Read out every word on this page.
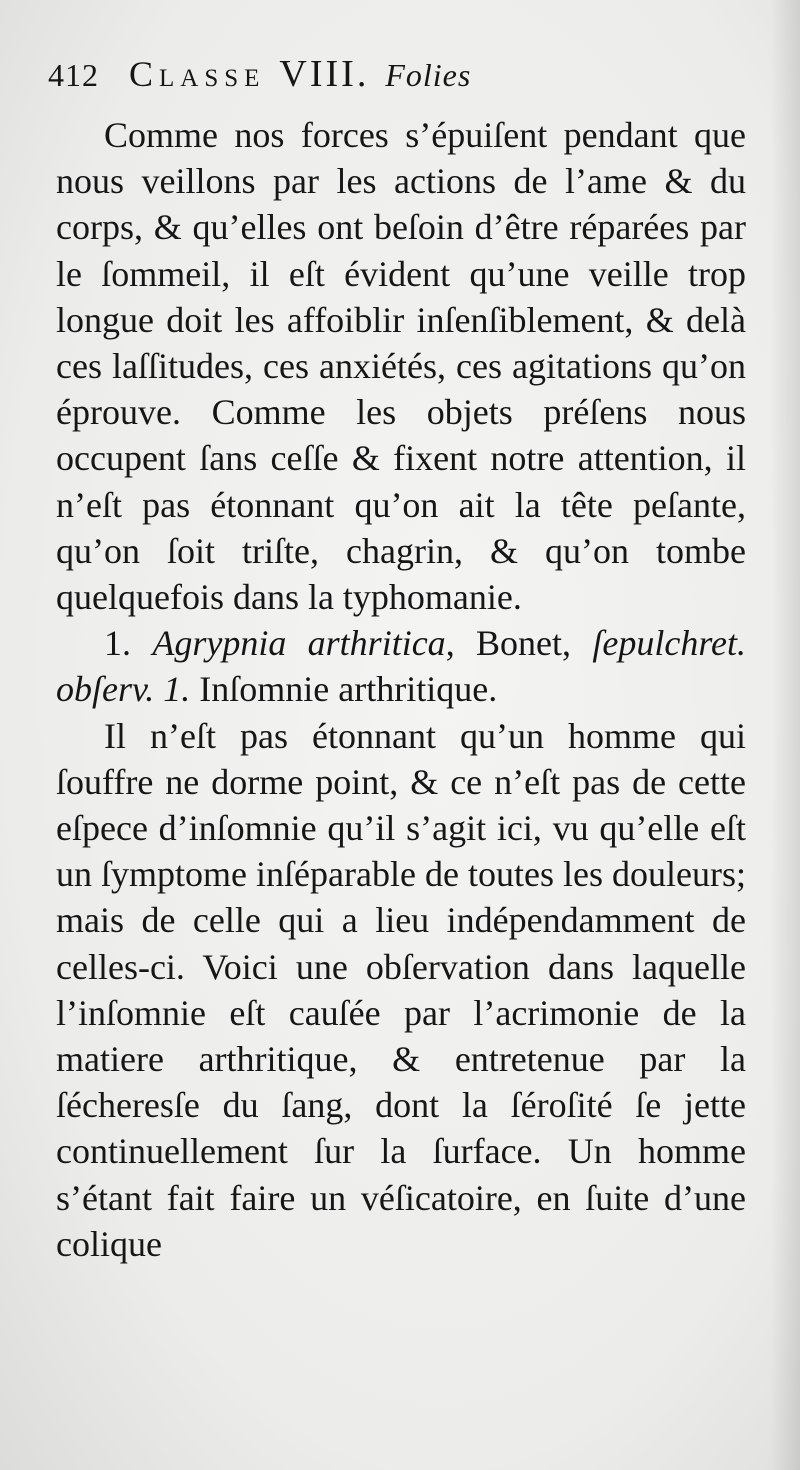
412 Classe VIII. Folies

Comme nos forces s’épuiſent pendant que nous veillons par les actions de l’ame & du corps, & qu’elles ont beſoin d’être réparées par le ſommeil, il eſt évident qu’une veille trop longue doit les affoiblir inſenſiblement, & delà ces laſſitudes, ces anxiétés, ces agitations qu’on éprouve. Comme les objets préſens nous occupent ſans ceſſe & fixent notre attention, il n’eſt pas étonnant qu’on ait la tête peſante, qu’on ſoit triſte, chagrin, & qu’on tombe quelquefois dans la typhomanie.

1. Agrypnia arthritica, Bonet, ſepulchret. obſerv. 1. Inſomnie arthritique.

Il n’eſt pas étonnant qu’un homme qui ſouffre ne dorme point, & ce n’eſt pas de cette eſpece d’inſomnie qu’il s’agit ici, vu qu’elle eſt un ſymptome inſéparable de toutes les douleurs; mais de celle qui a lieu indépendamment de celles-ci. Voici une obſervation dans laquelle l’inſomnie eſt cauſée par l’acrimonie de la matiere arthritique, & entretenue par la ſécheresſe du ſang, dont la ſéroſité ſe jette continuellement ſur la ſurface. Un homme s’étant fait faire un véſicatoire, en ſuite d’une colique
